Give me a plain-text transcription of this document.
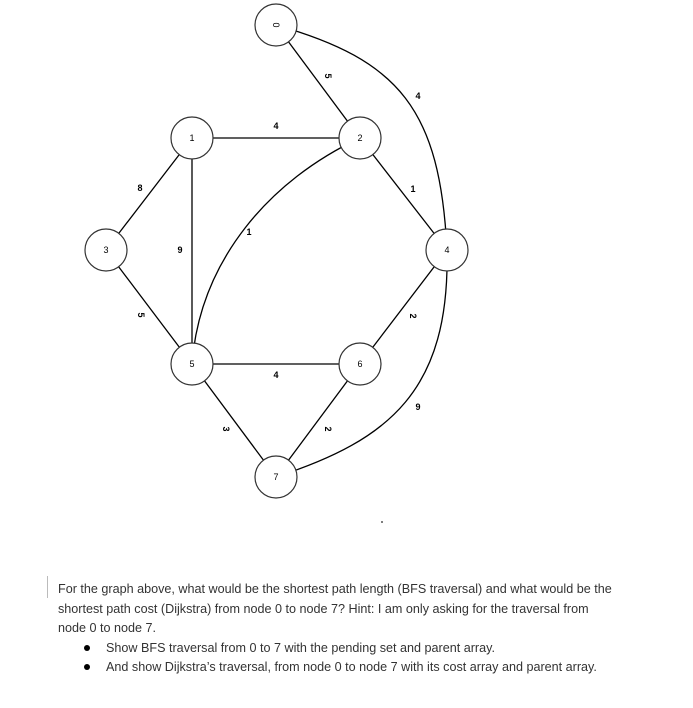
5
4
4
8
9
1
1
5	2
9
4
3	2
0
1	2
3	4
5	6
7

For the graph above, what would be the shortest path length (BFS traversal) and what would be the shortest path cost (Dijkstra) from node 0 to node 7? Hint: I am only asking for the traversal from node 0 to node 7.

Show BFS traversal from 0 to 7 with the pending set and parent array.
And show Dijkstra’s traversal, from node 0 to node 7 with its cost array and parent array.
